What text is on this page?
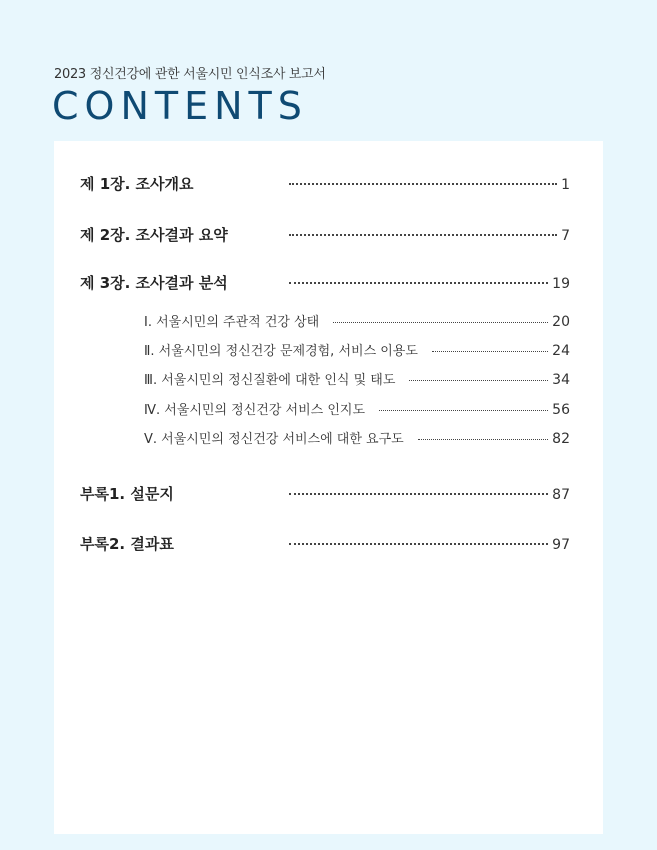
2023 정신건강에 관한 서울시민 인식조사 보고서
CONTENTS
제 1장. 조사개요	1
제 2장. 조사결과 요약	7
제 3장. 조사결과 분석	19
Ⅰ. 서울시민의 주관적 건강 상태	20
Ⅱ. 서울시민의 정신건강 문제경험, 서비스 이용도	24
Ⅲ. 서울시민의 정신질환에 대한 인식 및 태도	34
Ⅳ. 서울시민의 정신건강 서비스 인지도	56
Ⅴ. 서울시민의 정신건강 서비스에 대한 요구도	82
부록1. 설문지	87
부록2. 결과표	97
